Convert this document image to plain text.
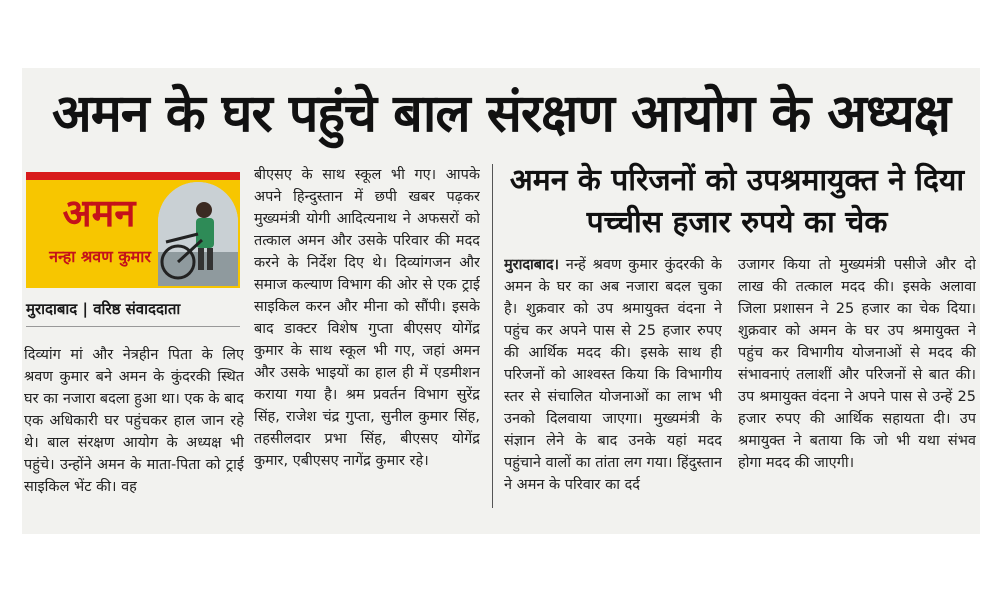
अमन के घर पहुंचे बाल संरक्षण आयोग के अध्यक्ष
अमन
नन्हा श्रवण कुमार
मुरादाबाद | वरिष्ठ संवाददाता
दिव्यांग मां और नेत्रहीन पिता के लिए श्रवण कुमार बने अमन के कुंदरकी स्थित घर का नजारा बदला हुआ था। एक के बाद एक अधिकारी घर पहुंचकर हाल जान रहे थे। बाल संरक्षण आयोग के अध्यक्ष भी पहुंचे। उन्होंने अमन के माता-पिता को ट्राई साइकिल भेंट की। वह
बीएसए के साथ स्कूल भी गए। आपके अपने हिन्दुस्तान में छपी खबर पढ़कर मुख्यमंत्री योगी आदित्यनाथ ने अफसरों को तत्काल अमन और उसके परिवार की मदद करने के निर्देश दिए थे। दिव्यांगजन और समाज कल्याण विभाग की ओर से एक ट्राई साइकिल करन और मीना को सौंपी। इसके बाद डाक्टर विशेष गुप्ता बीएसए योगेंद्र कुमार के साथ स्कूल भी गए, जहां अमन और उसके भाइयों का हाल ही में एडमीशन कराया गया है। श्रम प्रवर्तन विभाग सुरेंद्र सिंह, राजेश चंद्र गुप्ता, सुनील कुमार सिंह, तहसीलदार प्रभा सिंह, बीएसए योगेंद्र कुमार, एबीएसए नागेंद्र कुमार रहे।
अमन के परिजनों को उपश्रमायुक्त ने दिया पच्चीस हजार रुपये का चेक
मुरादाबाद। नन्हें श्रवण कुमार कुंदरकी के अमन के घर का अब नजारा बदल चुका है। शुक्रवार को उप श्रमायुक्त वंदना ने पहुंच कर अपने पास से 25 हजार रुपए की आर्थिक मदद की। इसके साथ ही परिजनों को आश्वस्त किया कि विभागीय स्तर से संचालित योजनाओं का लाभ भी उनको दिलवाया जाएगा। मुख्यमंत्री के संज्ञान लेने के बाद उनके यहां मदद पहुंचाने वालों का तांता लग गया। हिंदुस्तान ने अमन के परिवार का दर्द
उजागर किया तो मुख्यमंत्री पसीजे और दो लाख की तत्काल मदद की। इसके अलावा जिला प्रशासन ने 25 हजार का चेक दिया। शुक्रवार को अमन के घर उप श्रमायुक्त ने पहुंच कर विभागीय योजनाओं से मदद की संभावनाएं तलाशीं और परिजनों से बात की। उप श्रमायुक्त वंदना ने अपने पास से उन्हें 25 हजार रुपए की आर्थिक सहायता दी। उप श्रमायुक्त ने बताया कि जो भी यथा संभव होगा मदद की जाएगी।
